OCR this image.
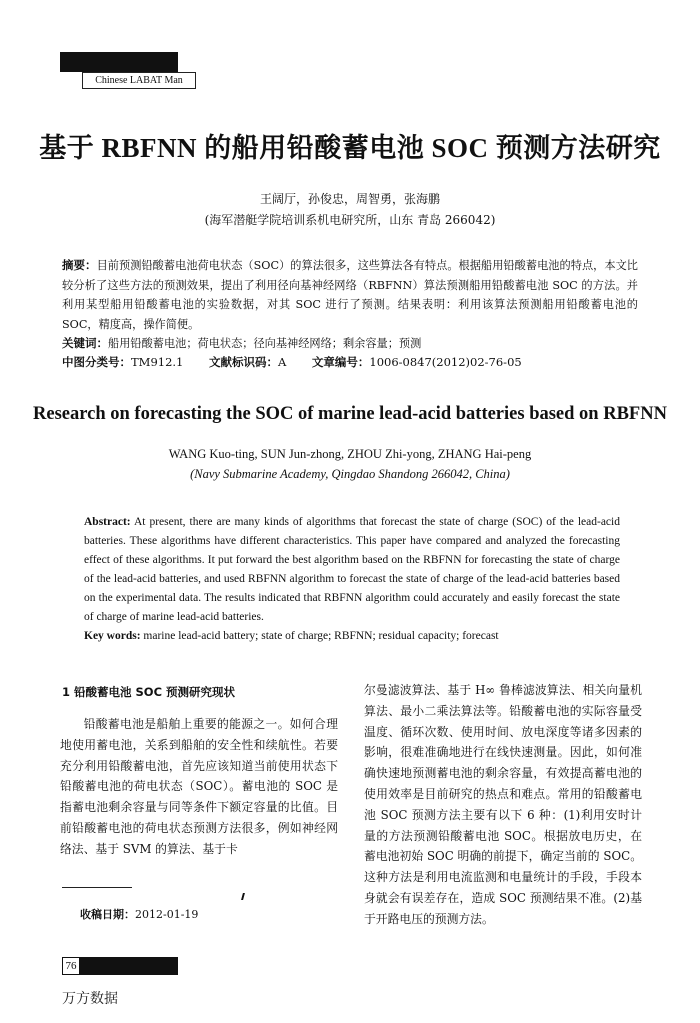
Chinese LABAT Man
基于 RBFNN 的船用铅酸蓄电池 SOC 预测方法研究
王阔厅，孙俊忠，周智勇，张海鹏
(海军潜艇学院培训系机电研究所，山东 青岛 266042)
摘要：目前预测铅酸蓄电池荷电状态（SOC）的算法很多，这些算法各有特点。根据船用铅酸蓄电池的特点，本文比较分析了这些方法的预测效果，提出了利用径向基神经网络（RBFNN）算法预测船用铅酸蓄电池 SOC 的方法。并利用某型船用铅酸蓄电池的实验数据，对其 SOC 进行了预测。结果表明：利用该算法预测船用铅酸蓄电池的 SOC，精度高，操作简便。
关键词：船用铅酸蓄电池；荷电状态；径向基神经网络；剩余容量；预测
中图分类号：TM912.1 文献标识码：A 文章编号：1006-0847(2012)02-76-05
Research on forecasting the SOC of marine lead-acid batteries based on RBFNN
WANG Kuo-ting, SUN Jun-zhong, ZHOU Zhi-yong, ZHANG Hai-peng
(Navy Submarine Academy, Qingdao Shandong 266042, China)
Abstract: At present, there are many kinds of algorithms that forecast the state of charge (SOC) of the lead-acid batteries. These algorithms have different characteristics. This paper have compared and analyzed the forecasting effect of these algorithms. It put forward the best algorithm based on the RBFNN for forecasting the state of charge of the lead-acid batteries, and used RBFNN algorithm to forecast the state of charge of the lead-acid batteries based on the experimental data. The results indicated that RBFNN algorithm could accurately and easily forecast the state of charge of marine lead-acid batteries.
Key words: marine lead-acid battery; state of charge; RBFNN; residual capacity; forecast
1 铅酸蓄电池 SOC 预测研究现状

铅酸蓄电池是船舶上重要的能源之一。如何合理地使用蓄电池，关系到船舶的安全性和续航性。若要充分利用铅酸蓄电池，首先应该知道当前使用状态下铅酸蓄电池的荷电状态（SOC）。蓄电池的 SOC 是指蓄电池剩余容量与同等条件下额定容量的比值。目前铅酸蓄电池的荷电状态预测方法很多，例如神经网络法、基于 SVM 的算法、基于卡

尔曼滤波算法、基于 H∞ 鲁棒滤波算法、相关向量机算法、最小二乘法算法等。铅酸蓄电池的实际容量受温度、循环次数、使用时间、放电深度等诸多因素的影响，很难准确地进行在线快速测量。因此，如何准确快速地预测蓄电池的剩余容量，有效提高蓄电池的使用效率是目前研究的热点和难点。常用的铅酸蓄电池 SOC 预测方法主要有以下 6 种：(1)利用安时计量的方法预测铅酸蓄电池 SOC。根据放电历史，在蓄电池初始 SOC 明确的前提下，确定当前的 SOC。这种方法是利用电流监测和电量统计的手段，手段本身就会有误差存在，造成 SOC 预测结果不准。(2)基于开路电压的预测方法。

收稿日期：2012-01-19
76
万方数据
